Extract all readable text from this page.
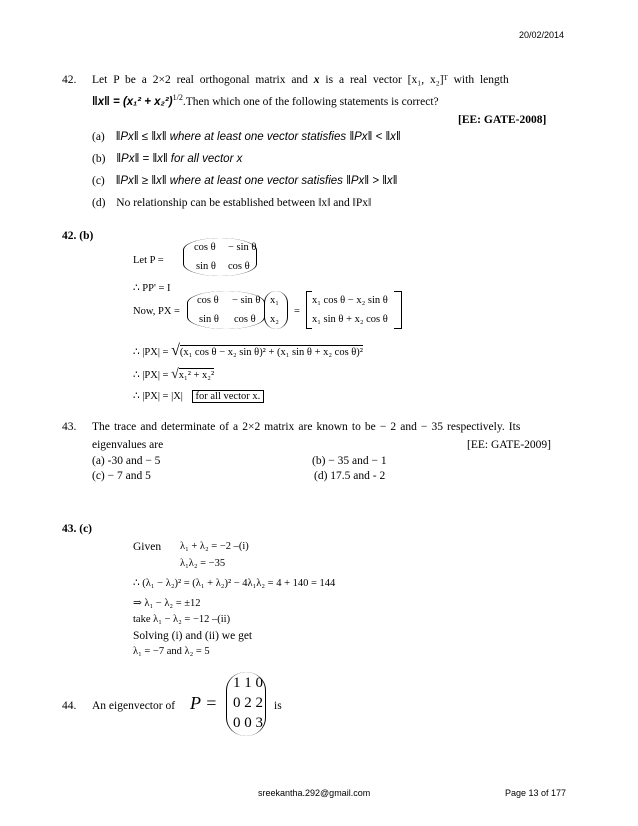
20/02/2014
42. Let P be a 2×2 real orthogonal matrix and x is a real vector [x₁, x₂]ᵀ with length
‖x‖ = $(x_1^2 + x_2^2)^{1/2}.Then$ which one of the following statements is correct?
[EE: GATE-2008]
(a) ‖Px‖ ≤ ‖x‖ where at least one vector statisfies ‖Px‖ < ‖x‖
(b) ‖Px‖ = ‖x‖ for all vector x
(c) ‖Px‖ ≥ ‖x‖ where at least one vector satisfies ‖Px‖ > ‖x‖
(d) No relationship can be established between ‖x‖ and ‖Px‖
42. (b)
Let P =
cos θ − sin θ
sin θ cos θ
∴ PP' = I
Now, PX =
cos θ − sin θ
sin θ cos θ
x₁
x₂
=
x₁ cos θ − x₂ sin θ
x₁ sin θ + x₂ cos θ
∴ |PX| = √(x₁ cos θ − x₂ sin θ)² + (x₁ sin θ + x₂ cos θ)²
∴ |PX| = √x₁² + x₂²
∴ |PX| = |X| for all vector x.
43. The trace and determinate of a 2×2 matrix are known to be − 2 and − 35 respectively. Its
eigenvalues are	[EE: GATE-2009]
(a) -30 and − 5	(b) − 35 and − 1
(c) − 7 and 5	(d) 17.5 and - 2
43. (c)
Given λ₁ + λ₂ = −2 –(i)
λ₁λ₂ = −35
∴ (λ₁ − λ₂)² = (λ₁ + λ₂)² − 4λ₁λ₂ = 4 + 140 = 144
⇒ λ₁ − λ₂ = ±12
take λ₁ − λ₂ = −12 –(ii)
Solving (i) and (ii) we get
λ₁ = −7 and λ₂ = 5
44. An eigenvector of P =
1 1 0
0 2 2
0 0 3
is
sreekantha.292@gmail.com	Page 13 of 177
